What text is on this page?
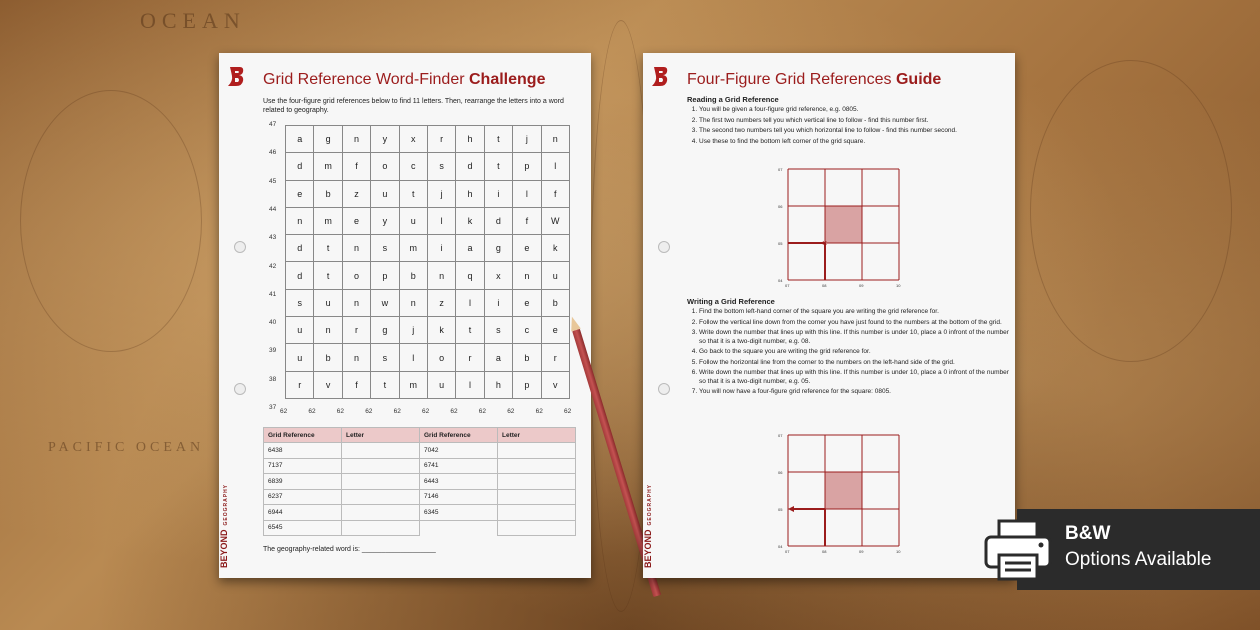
OCEAN
PACIFIC OCEAN
Grid Reference Word-Finder Challenge
Use the four-figure grid references below to find 11 letters. Then, rearrange the letters into a word related to geography.
47
46
45
44
43
42
41
40
39
38
37
a	g	n	y	x	r	h	t	j	n
d	m	f	o	c	s	d	t	p	l
e	b	z	u	t	j	h	i	l	f
n	m	e	y	u	l	k	d	f	W
d	t	n	s	m	i	a	g	e	k
d	t	o	p	b	n	q	x	n	u
s	u	n	w	n	z	l	i	e	b
u	n	r	g	j	k	t	s	c	e
u	b	n	s	l	o	r	a	b	r
r	v	f	t	m	u	l	h	p	v
62	62	62	62	62	62	62	62	62	62	62
Grid Reference	Letter	Grid Reference	Letter
6438		7042	
7137		6741	
6839		6443	
6237		7146	
6944		6345	
6545			
The geography-related word is: ___________________
BEYONDGEOGRAPHY
Four-Figure Grid References Guide
Reading a Grid Reference
1. You will be given a four-figure grid reference, e.g. 0805.
2. The first two numbers tell you which vertical line to follow - find this number first.
3. The second two numbers tell you which horizontal line to follow - find this number second.
4. Use these to find the bottom left corner of the grid square.
07
06
05
04
07	08	09	10
×
Writing a Grid Reference
1. Find the bottom left-hand corner of the square you are writing the grid reference for.
2. Follow the vertical line down from the corner you have just found to the numbers at the bottom of the grid.
3. Write down the number that lines up with this line. If this number is under 10, place a 0 infront of the number so that it is a two-digit number, e.g. 08.
4. Go back to the square you are writing the grid reference for.
5. Follow the horizontal line from the corner to the numbers on the left-hand side of the grid.
6. Write down the number that lines up with this line. If this number is under 10, place a 0 infront of the number so that it is a two-digit number, e.g. 05.
7. You will now have a four-figure grid reference for the square: 0805.
07
06
05
04
07	08	09	10
BEYONDGEOGRAPHY
B&W
Options Available
